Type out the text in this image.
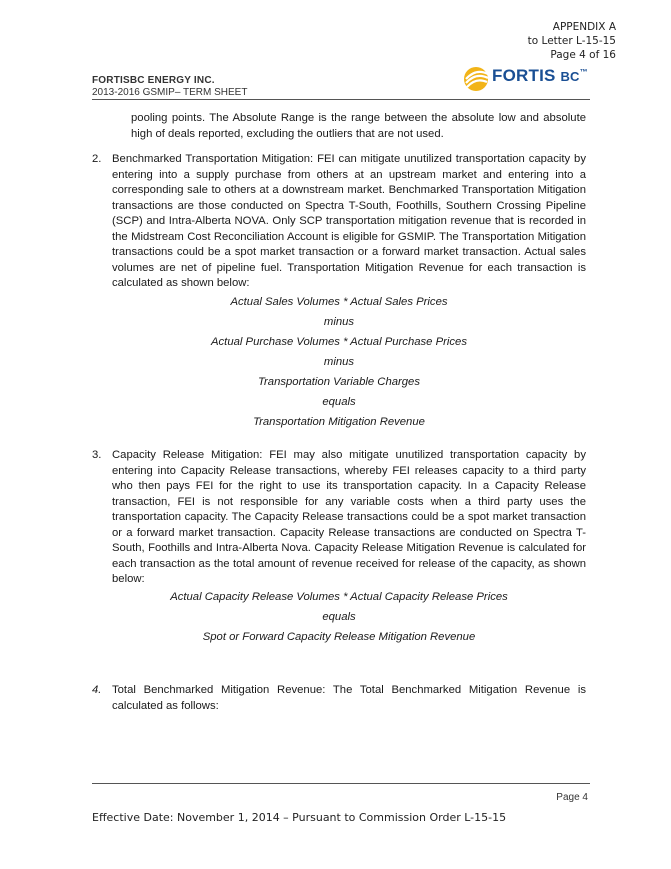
APPENDIX A
to Letter L-15-15
Page 4 of 16
FORTISBC ENERGY INC.
2013-2016 GSMIP– TERM SHEET
FORTIS BC™
pooling points. The Absolute Range is the range between the absolute low and absolute high of deals reported, excluding the outliers that are not used.
2. Benchmarked Transportation Mitigation: FEI can mitigate unutilized transportation capacity by entering into a supply purchase from others at an upstream market and entering into a corresponding sale to others at a downstream market. Benchmarked Transportation Mitigation transactions are those conducted on Spectra T-South, Foothills, Southern Crossing Pipeline (SCP) and Intra-Alberta NOVA. Only SCP transportation mitigation revenue that is recorded in the Midstream Cost Reconciliation Account is eligible for GSMIP. The Transportation Mitigation transactions could be a spot market transaction or a forward market transaction. Actual sales volumes are net of pipeline fuel. Transportation Mitigation Revenue for each transaction is calculated as shown below:
Actual Sales Volumes * Actual Sales Prices
minus
Actual Purchase Volumes * Actual Purchase Prices
minus
Transportation Variable Charges
equals
Transportation Mitigation Revenue
3. Capacity Release Mitigation: FEI may also mitigate unutilized transportation capacity by entering into Capacity Release transactions, whereby FEI releases capacity to a third party who then pays FEI for the right to use its transportation capacity. In a Capacity Release transaction, FEI is not responsible for any variable costs when a third party uses the transportation capacity. The Capacity Release transactions could be a spot market transaction or a forward market transaction. Capacity Release transactions are conducted on Spectra T-South, Foothills and Intra-Alberta Nova. Capacity Release Mitigation Revenue is calculated for each transaction as the total amount of revenue received for release of the capacity, as shown below:
Actual Capacity Release Volumes * Actual Capacity Release Prices
equals
Spot or Forward Capacity Release Mitigation Revenue
4. Total Benchmarked Mitigation Revenue: The Total Benchmarked Mitigation Revenue is calculated as follows:
Page 4
Effective Date: November 1, 2014 – Pursuant to Commission Order L-15-15
